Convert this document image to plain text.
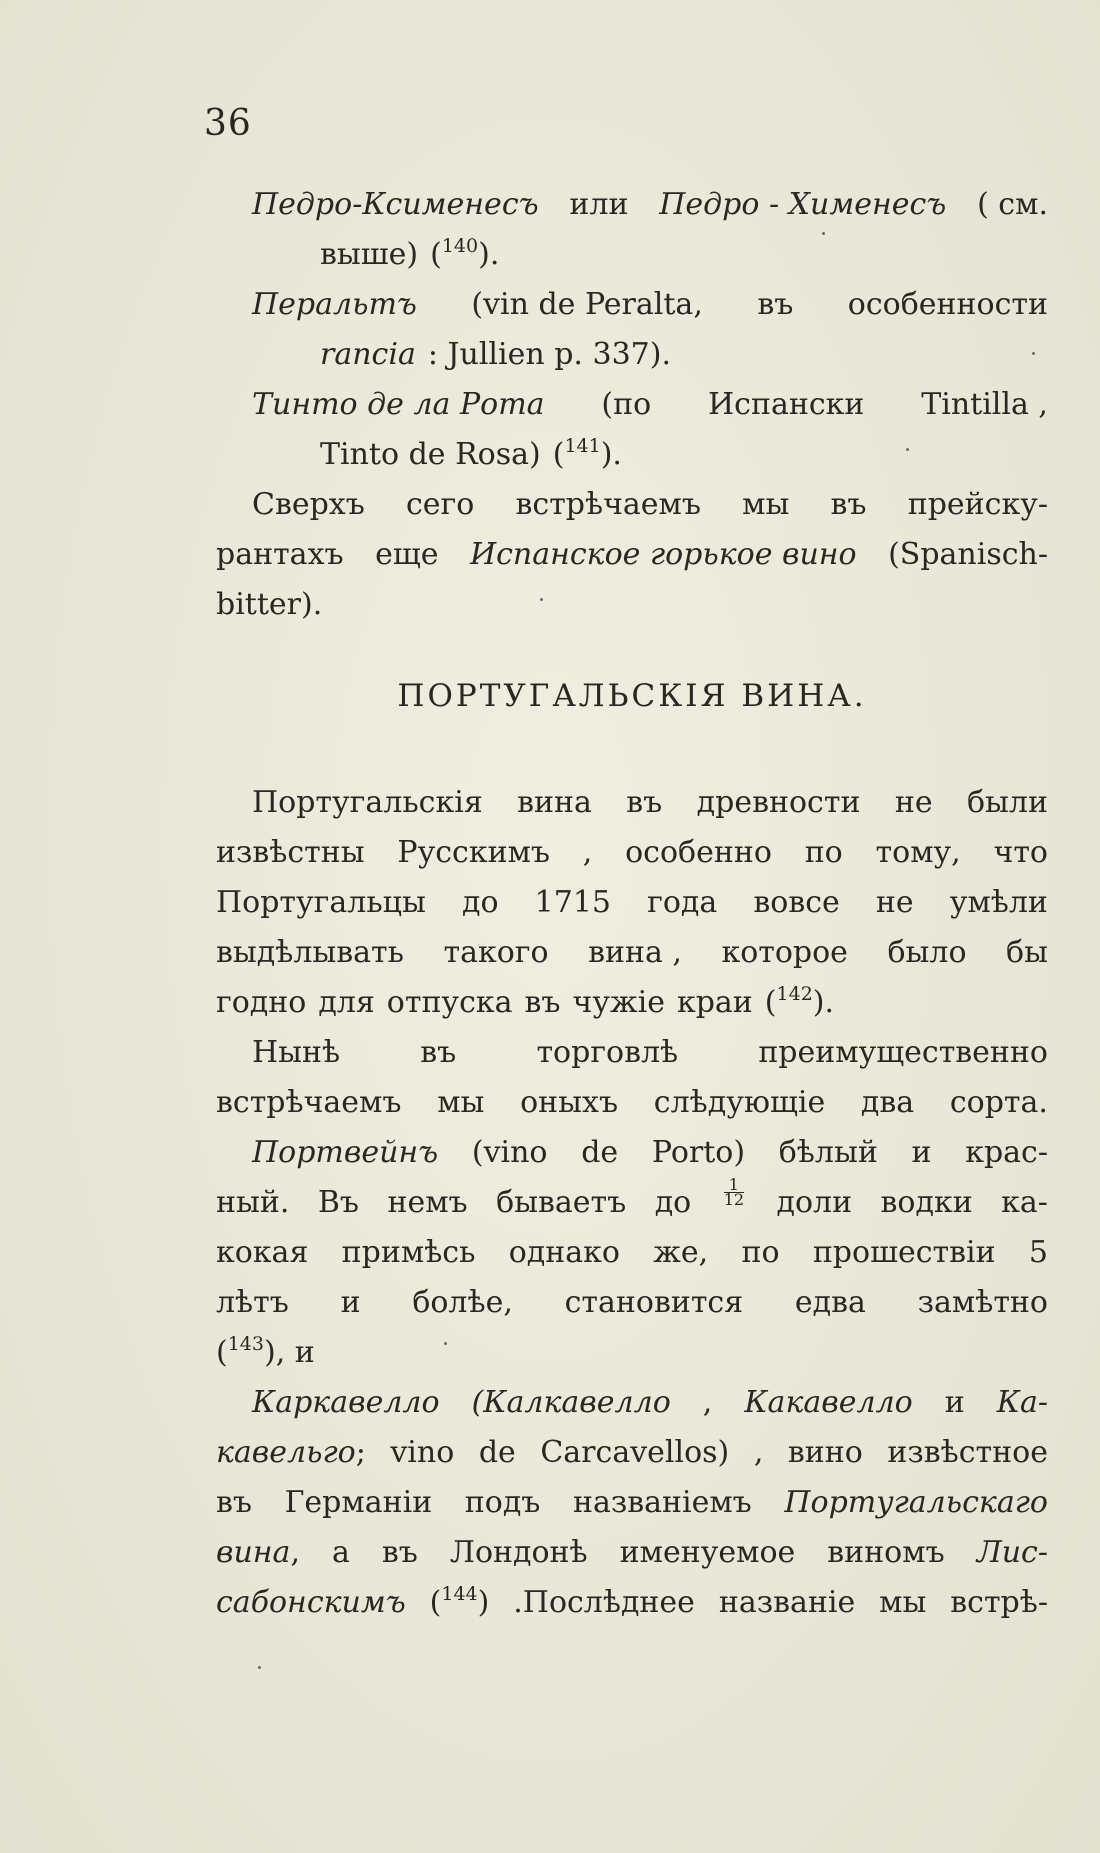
36
Педро-Ксименесъ или Педро - Хименесъ ( см.
выше) ($^{140}$).
Перальтъ (vin de Peralta, въ особенности
rancia : Jullien p. 337).
Тинто де ла Рота (по Испански Tintilla ,
Tinto de Rosa) ($^{141}$).
Сверхъ сего встрѣчаемъ мы въ прейску-
рантахъ еще Испанское горькое вино (Spanisch-
bitter).
ПОРТУГАЛЬСКІЯ ВИНА.
Португальскія вина въ древности не были
извѣстны Русскимъ , особенно по тому, что
Португальцы до 1715 года вовсе не умѣли
выдѣлывать такого вина , которое было бы
годно для отпуска въ чужіе краи ($^{142}$).
Нынѣ	въ	торговлѣ	преимущественно
встрѣчаемъ мы оныхъ слѣдующіе два сорта.
Портвейнъ (vino de Porto) бѣлый и крас-
ный. Въ немъ бываетъ до $\frac{1}{12}$ доли водки ка-
кокая примѣсь однако же, по прошествіи 5
лѣтъ и болѣе, становится едва замѣтно
($^{143}$), и
Каркавелло (Калкавелло , Какавелло и Ка-
кавельго; vino de Carcavellos) , вино извѣстное
въ Германіи подъ названіемъ Португальскаго
вина, а въ Лондонѣ именуемое виномъ Лис-
сабонскимъ ($^{144}$) .Послѣднее названіе мы встрѣ-
